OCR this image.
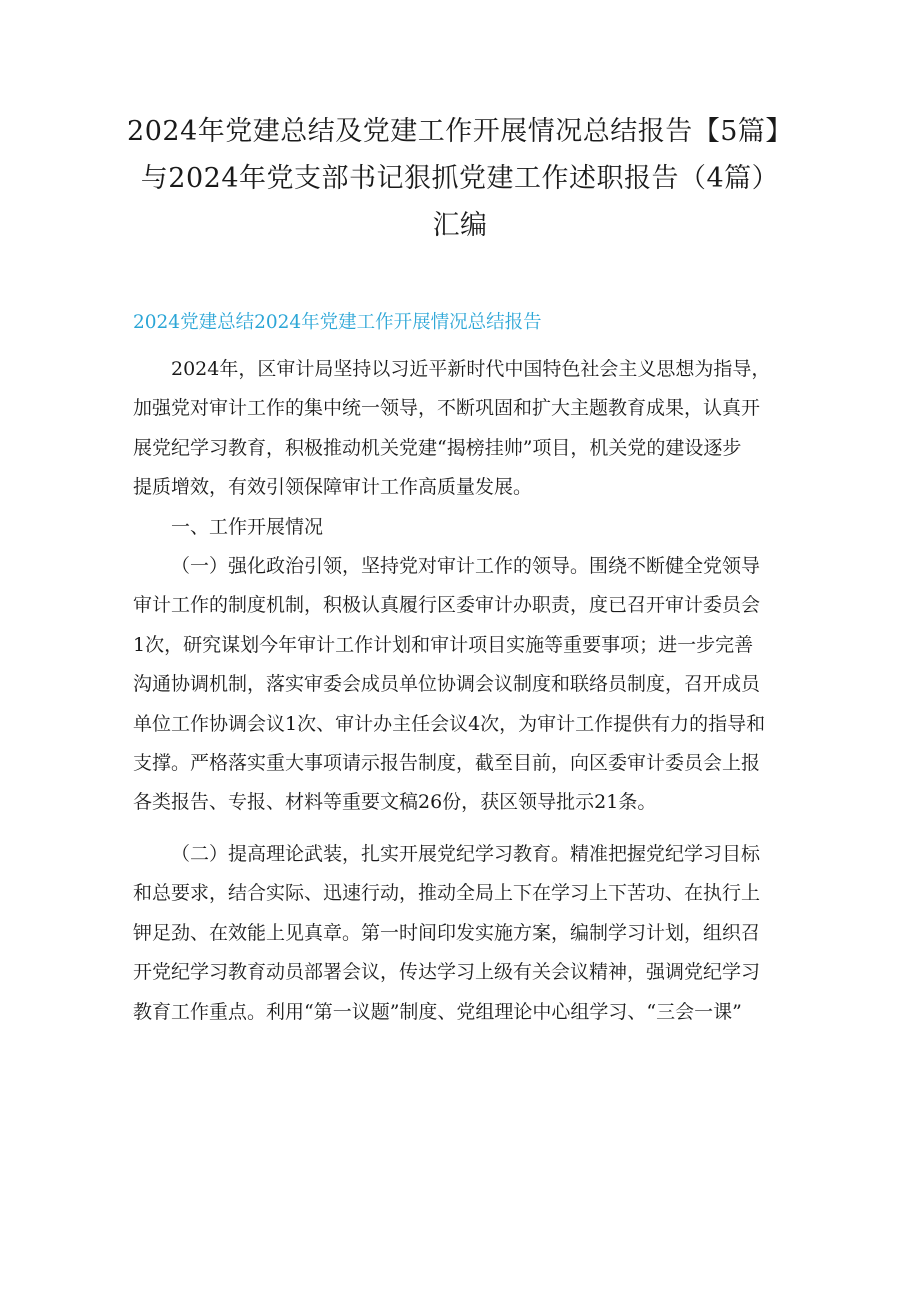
2024年党建总结及党建工作开展情况总结报告【5篇】
与2024年党支部书记狠抓党建工作述职报告（4篇）
汇编
2024党建总结2024年党建工作开展情况总结报告

2024年，区审计局坚持以习近平新时代中国特色社会主义思想为指导，
加强党对审计工作的集中统一领导，不断巩固和扩大主题教育成果，认真开
展党纪学习教育，积极推动机关党建“揭榜挂帅”项目，机关党的建设逐步
提质增效，有效引领保障审计工作高质量发展。

一、工作开展情况

（一）强化政治引领，坚持党对审计工作的领导。围绕不断健全党领导
审计工作的制度机制，积极认真履行区委审计办职责，度已召开审计委员会
1次，研究谋划今年审计工作计划和审计项目实施等重要事项；进一步完善
沟通协调机制，落实审委会成员单位协调会议制度和联络员制度，召开成员
单位工作协调会议1次、审计办主任会议4次，为审计工作提供有力的指导和
支撑。严格落实重大事项请示报告制度，截至目前，向区委审计委员会上报
各类报告、专报、材料等重要文稿26份，获区领导批示21条。

（二）提高理论武装，扎实开展党纪学习教育。精准把握党纪学习目标
和总要求，结合实际、迅速行动，推动全局上下在学习上下苦功、在执行上
钾足劲、在效能上见真章。第一时间印发实施方案，编制学习计划，组织召
开党纪学习教育动员部署会议，传达学习上级有关会议精神，强调党纪学习
教育工作重点。利用“第一议题”制度、党组理论中心组学习、“三会一课”
